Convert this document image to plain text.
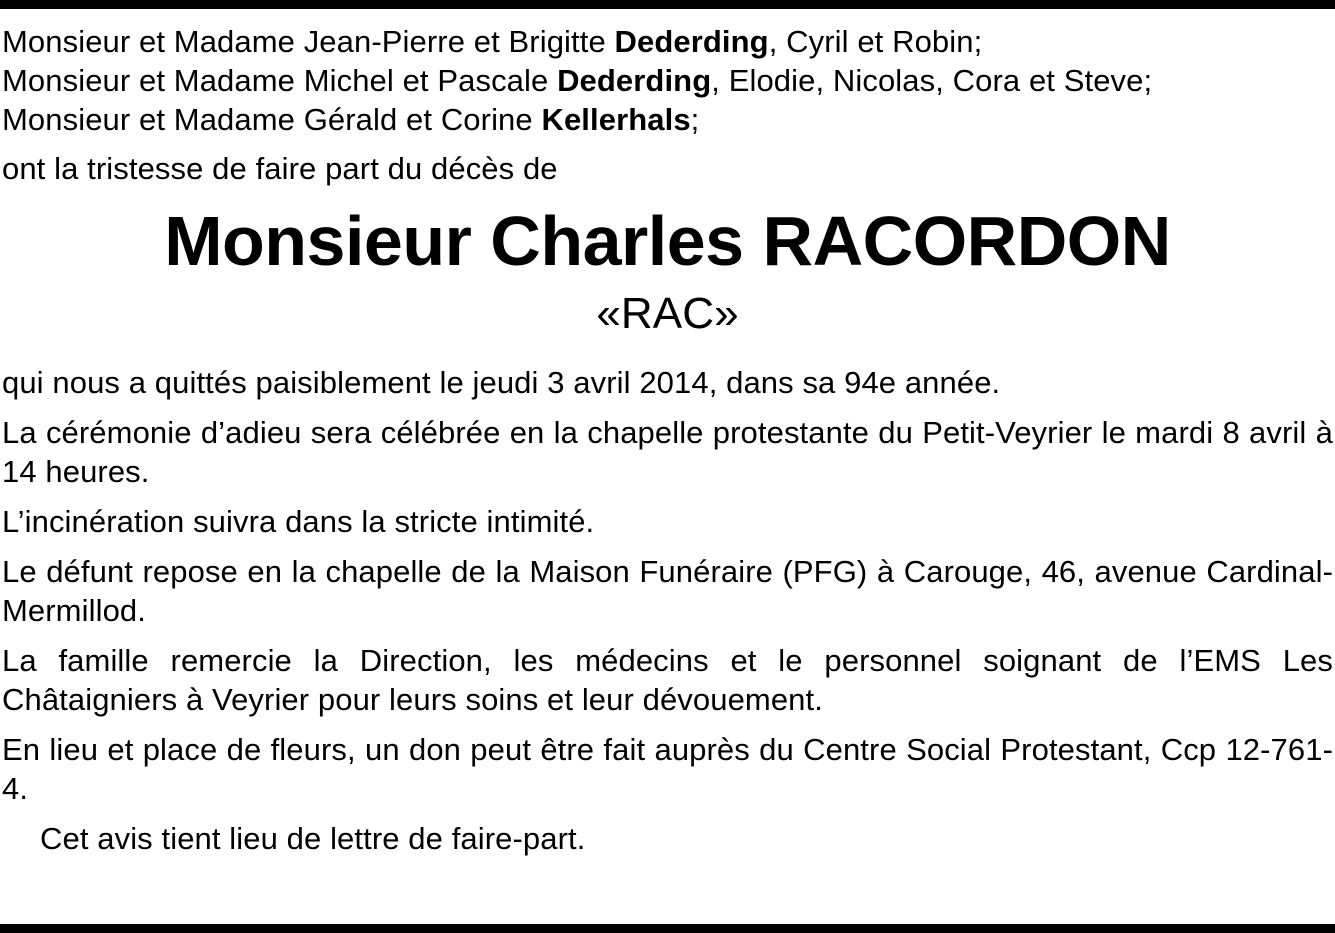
Monsieur et Madame Jean-Pierre et Brigitte Dederding, Cyril et Robin;

Monsieur et Madame Michel et Pascale Dederding, Elodie, Nicolas, Cora et Steve;

Monsieur et Madame Gérald et Corine Kellerhals;

ont la tristesse de faire part du décès de

Monsieur Charles RACORDON

«RAC»

qui nous a quittés paisiblement le jeudi 3 avril 2014, dans sa 94e année.

La cérémonie d’adieu sera célébrée en la chapelle protestante du Petit-Veyrier le mardi 8 avril à 14 heures.

L’incinération suivra dans la stricte intimité.

Le défunt repose en la chapelle de la Maison Funéraire (PFG) à Carouge, 46, avenue Cardinal-Mermillod.

La famille remercie la Direction, les médecins et le personnel soignant de l’EMS Les Châtaigniers à Veyrier pour leurs soins et leur dévouement.

En lieu et place de fleurs, un don peut être fait auprès du Centre Social Protestant, Ccp 12-761-4.

Cet avis tient lieu de lettre de faire-part.
